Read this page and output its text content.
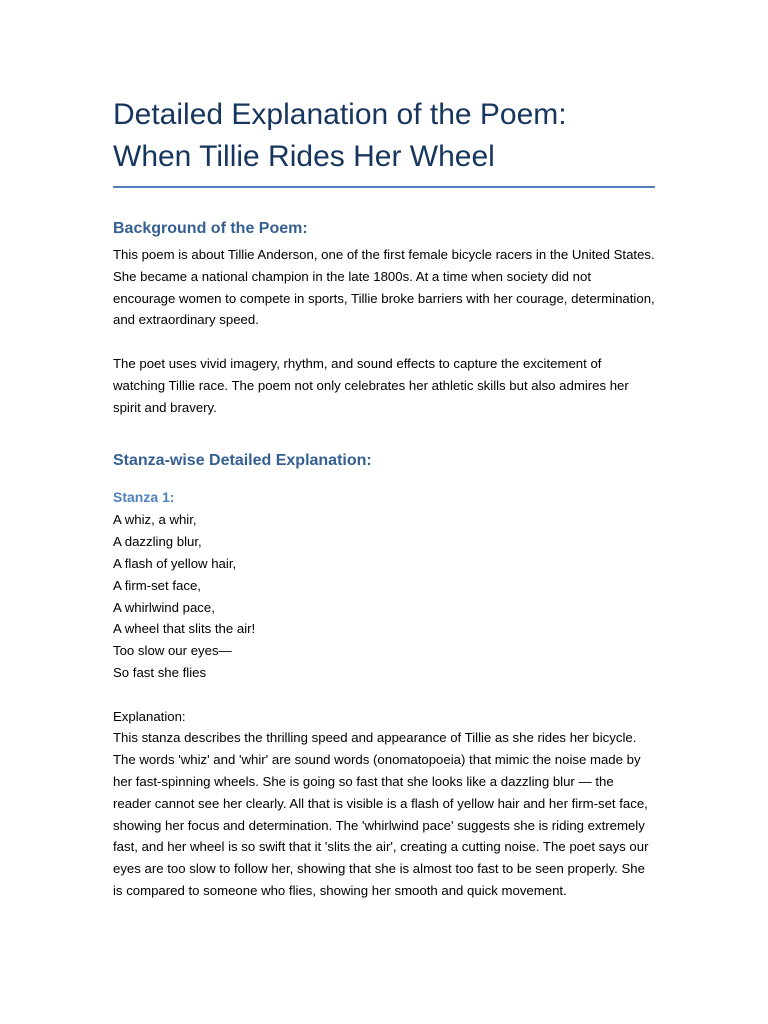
Detailed Explanation of the Poem:
When Tillie Rides Her Wheel
Background of the Poem:

This poem is about Tillie Anderson, one of the first female bicycle racers in the United States. She became a national champion in the late 1800s. At a time when society did not encourage women to compete in sports, Tillie broke barriers with her courage, determination, and extraordinary speed.

The poet uses vivid imagery, rhythm, and sound effects to capture the excitement of watching Tillie race. The poem not only celebrates her athletic skills but also admires her spirit and bravery.

Stanza-wise Detailed Explanation:
Stanza 1:

A whiz, a whir,

A dazzling blur,

A flash of yellow hair,

A firm-set face,

A whirlwind pace,

A wheel that slits the air!

Too slow our eyes—

So fast she flies

Explanation:

This stanza describes the thrilling speed and appearance of Tillie as she rides her bicycle. The words 'whiz' and 'whir' are sound words (onomatopoeia) that mimic the noise made by her fast-spinning wheels. She is going so fast that she looks like a dazzling blur — the reader cannot see her clearly. All that is visible is a flash of yellow hair and her firm-set face, showing her focus and determination. The 'whirlwind pace' suggests she is riding extremely fast, and her wheel is so swift that it 'slits the air', creating a cutting noise. The poet says our eyes are too slow to follow her, showing that she is almost too fast to be seen properly. She is compared to someone who flies, showing her smooth and quick movement.
